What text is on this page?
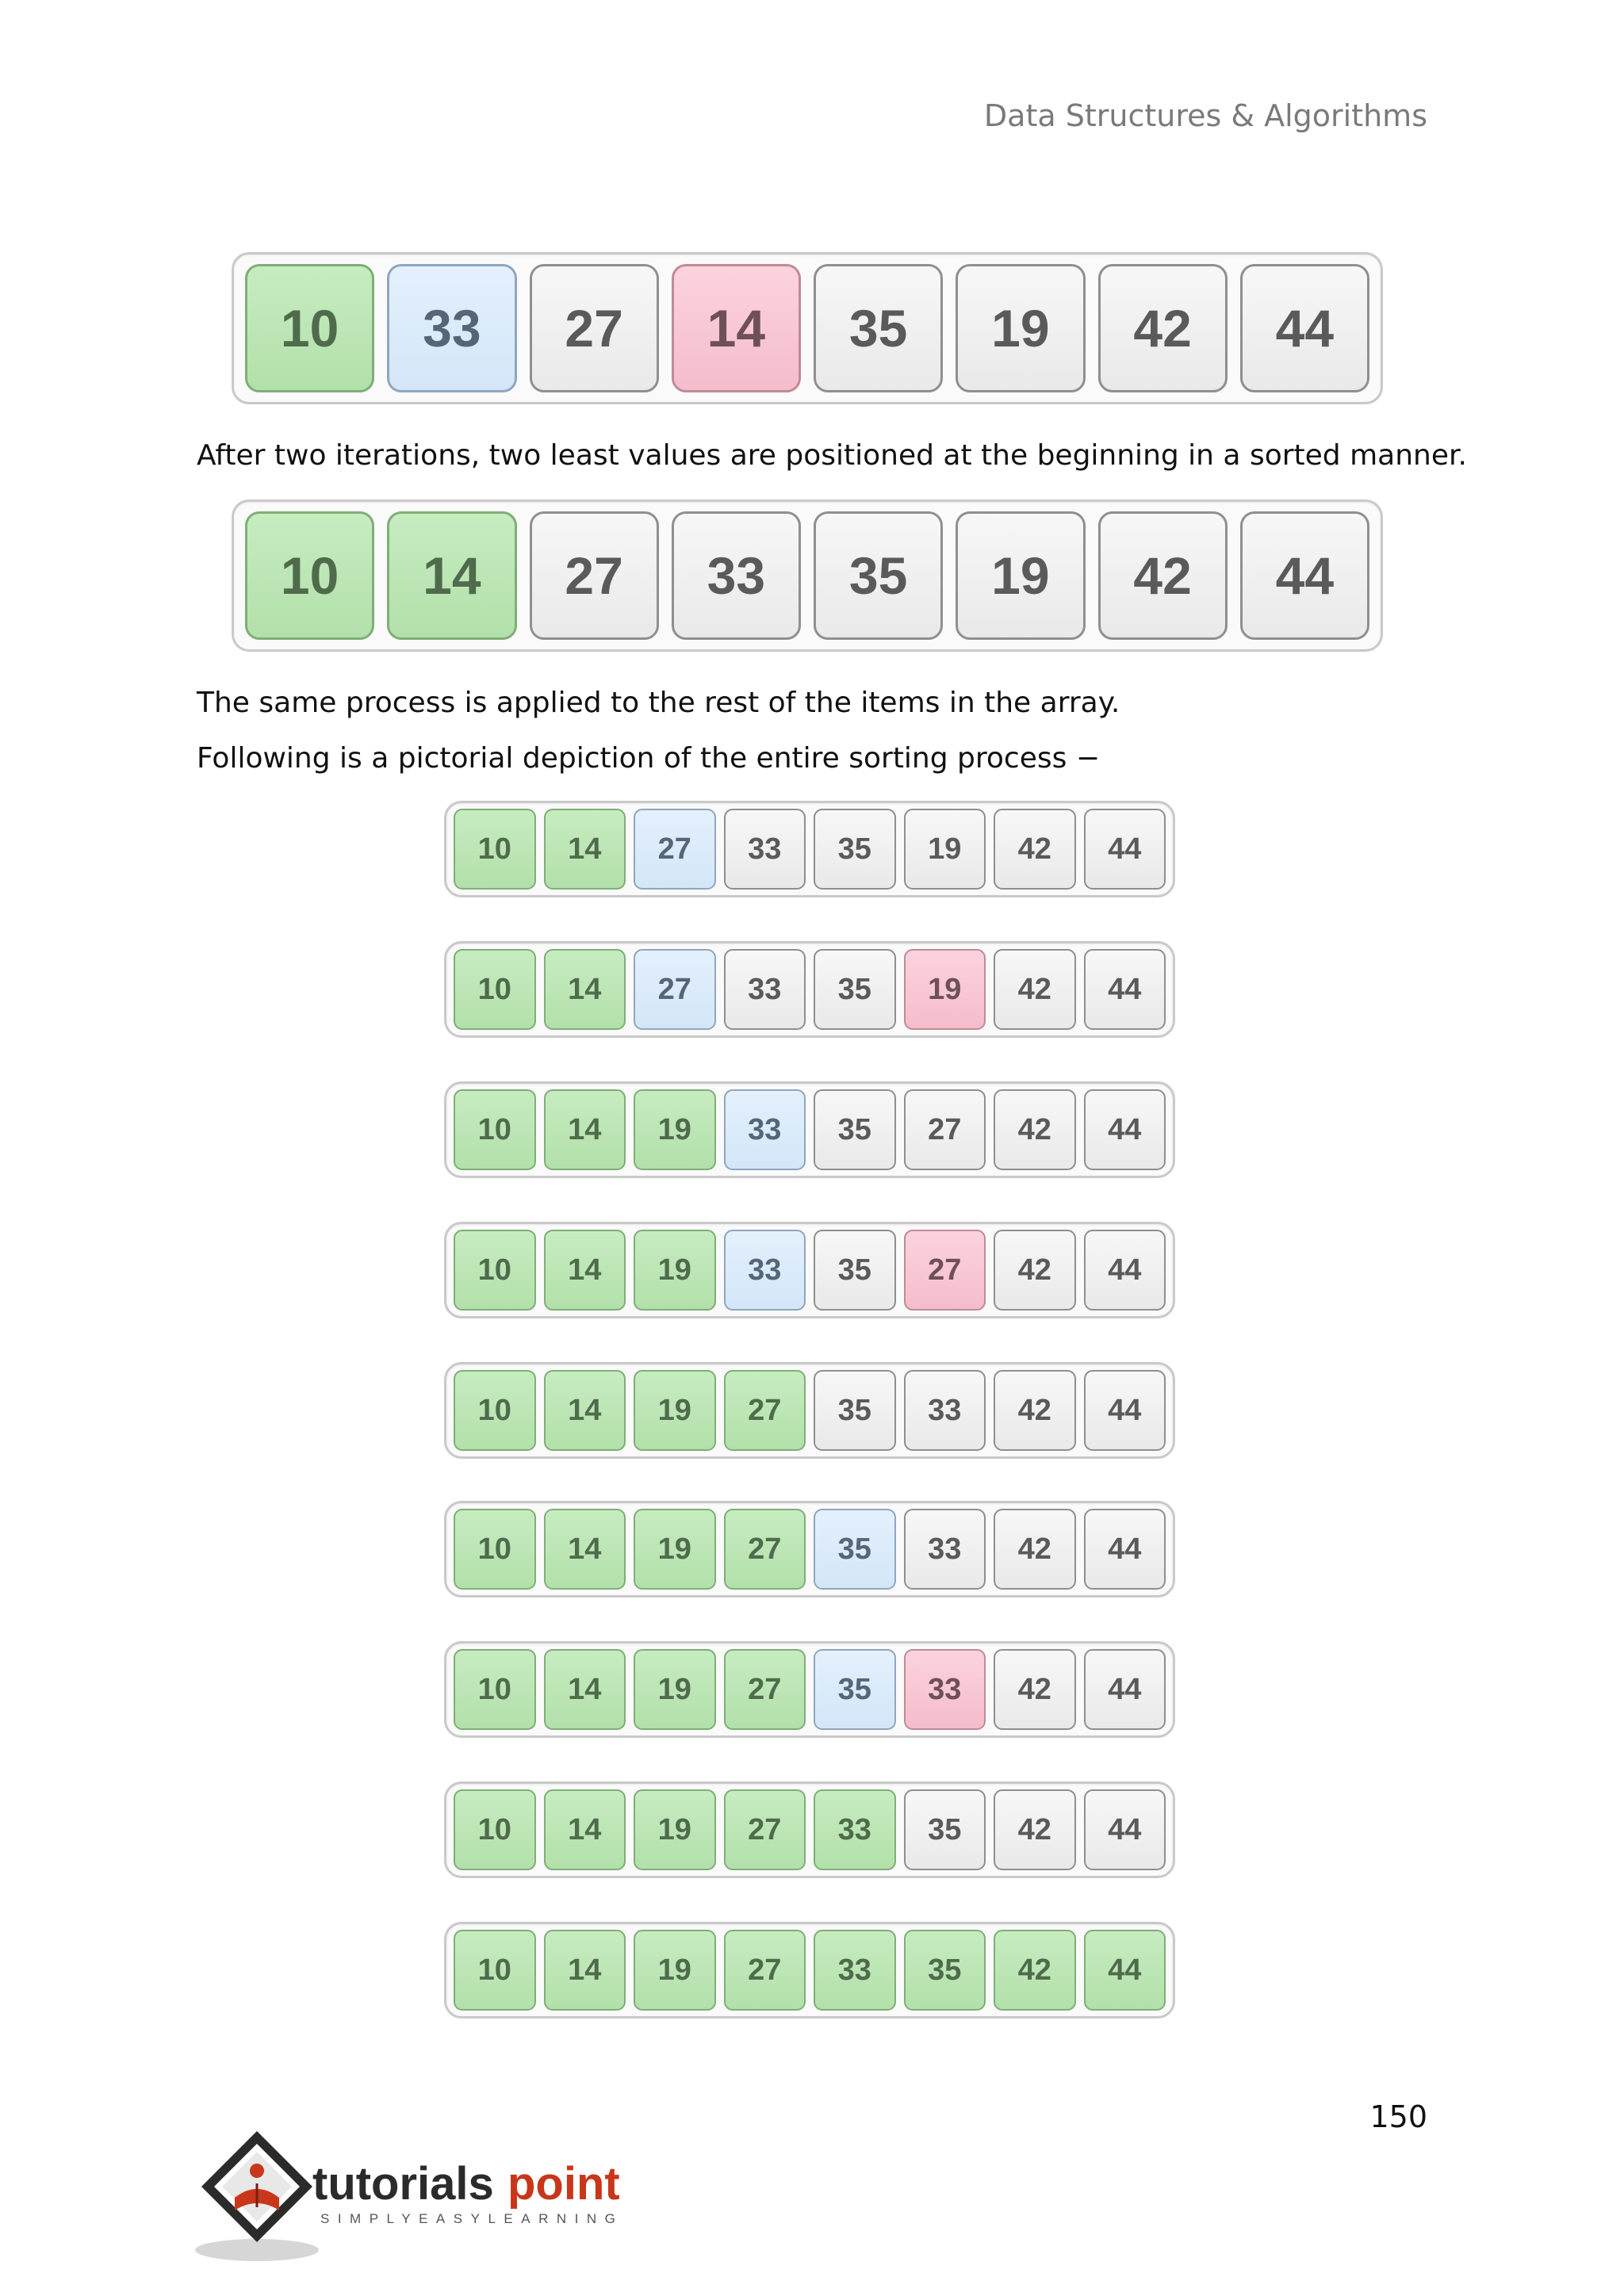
Data Structures & Algorithms
10	33	27	14	35	19	42	44
After two iterations, two least values are positioned at the beginning in a sorted manner.
10	14	27	33	35	19	42	44
The same process is applied to the rest of the items in the array.
Following is a pictorial depiction of the entire sorting process −
10	14	27	33	35	19	42	44
10	14	27	33	35	19	42	44
10	14	19	33	35	27	42	44
10	14	19	33	35	27	42	44
10	14	19	27	35	33	42	44
10	14	19	27	35	33	42	44
10	14	19	27	35	33	42	44
10	14	19	27	33	35	42	44
10	14	19	27	33	35	42	44
150
tutorials point
SIMPLYEASYLEARNING
